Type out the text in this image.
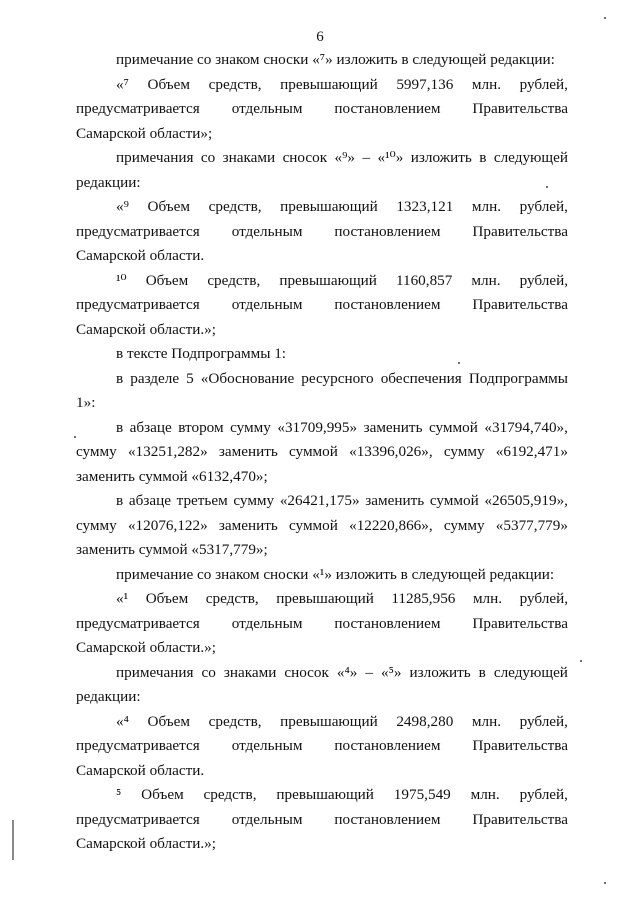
6

примечание со знаком сноски «⁷» изложить в следующей редакции:

«⁷ Объем средств, превышающий 5997,136 млн. рублей,
предусматривается отдельным постановлением Правительства

Самарской области»;

примечания со знаками сносок «⁹» – «¹⁰» изложить в следующей

редакции:

«⁹ Объем средств, превышающий 1323,121 млн. рублей,
предусматривается отдельным постановлением Правительства

Самарской области.

¹⁰ Объем средств, превышающий 1160,857 млн. рублей,
предусматривается отдельным постановлением Правительства

Самарской области.»;

в тексте Подпрограммы 1:

в разделе 5 «Обоснование ресурсного обеспечения Подпрограммы 1»:

в абзаце втором сумму «31709,995» заменить суммой «31794,740»,
сумму «13251,282» заменить суммой «13396,026», сумму «6192,471»

заменить суммой «6132,470»;

в абзаце третьем сумму «26421,175» заменить суммой «26505,919»,
сумму «12076,122» заменить суммой «12220,866», сумму «5377,779»

заменить суммой «5317,779»;

примечание со знаком сноски «¹» изложить в следующей редакции:

«¹ Объем средств, превышающий 11285,956 млн. рублей,
предусматривается отдельным постановлением Правительства

Самарской области.»;

примечания со знаками сносок «⁴» – «⁵» изложить в следующей

редакции:

«⁴ Объем средств, превышающий 2498,280 млн. рублей,
предусматривается отдельным постановлением Правительства

Самарской области.

⁵ Объем средств, превышающий 1975,549 млн. рублей,
предусматривается отдельным постановлением Правительства

Самарской области.»;
